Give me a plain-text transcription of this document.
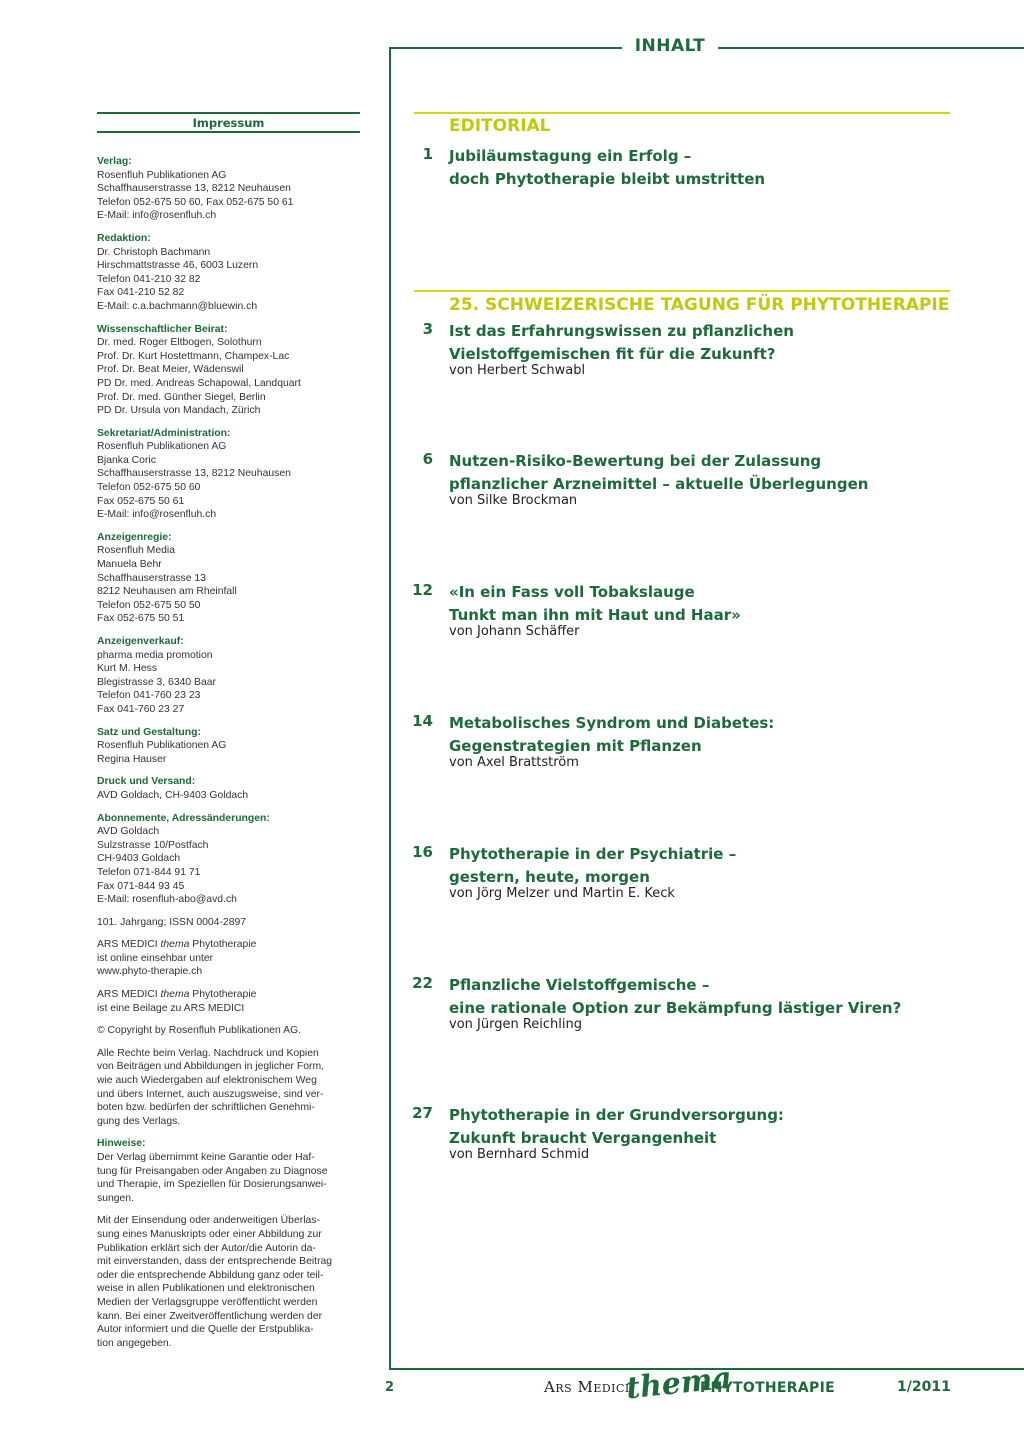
INHALT
Impressum
Verlag:
Rosenfluh Publikationen AG
Schaffhauserstrasse 13, 8212 Neuhausen
Telefon 052-675 50 60, Fax 052-675 50 61
E-Mail: info@rosenfluh.ch
Redaktion:
Dr. Christoph Bachmann
Hirschmattstrasse 46, 6003 Luzern
Telefon 041-210 32 82
Fax 041-210 52 82
E-Mail: c.a.bachmann@bluewin.ch
Wissenschaftlicher Beirat:
Dr. med. Roger Eltbogen, Solothurn
Prof. Dr. Kurt Hostettmann, Champex-Lac
Prof. Dr. Beat Meier, Wädenswil
PD Dr. med. Andreas Schapowal, Landquart
Prof. Dr. med. Günther Siegel, Berlin
PD Dr. Ursula von Mandach, Zürich
Sekretariat/Administration:
Rosenfluh Publikationen AG
Bjanka Coric
Schaffhauserstrasse 13, 8212 Neuhausen
Telefon 052-675 50 60
Fax 052-675 50 61
E-Mail: info@rosenfluh.ch
Anzeigenregie:
Rosenfluh Media
Manuela Behr
Schaffhauserstrasse 13
8212 Neuhausen am Rheinfall
Telefon 052-675 50 50
Fax 052-675 50 51
Anzeigenverkauf:
pharma media promotion
Kurt M. Hess
Blegistrasse 3, 6340 Baar
Telefon 041-760 23 23
Fax 041-760 23 27
Satz und Gestaltung:
Rosenfluh Publikationen AG
Regina Hauser
Druck und Versand:
AVD Goldach, CH-9403 Goldach
Abonnemente, Adressänderungen:
AVD Goldach
Sulzstrasse 10/Postfach
CH-9403 Goldach
Telefon 071-844 91 71
Fax 071-844 93 45
E-Mail: rosenfluh-abo@avd.ch
101. Jahrgang; ISSN 0004-2897
ARS MEDICI thema Phytotherapie
ist online einsehbar unter
www.phyto-therapie.ch
ARS MEDICI thema Phytotherapie
ist eine Beilage zu ARS MEDICI
© Copyright by Rosenfluh Publikationen AG.
Alle Rechte beim Verlag. Nachdruck und Kopien
von Beiträgen und Abbildungen in jeglicher Form,
wie auch Wiedergaben auf elektronischem Weg
und übers Internet, auch auszugsweise, sind ver-
boten bzw. bedürfen der schriftlichen Genehmi-
gung des Verlags.
Hinweise:
Der Verlag übernimmt keine Garantie oder Haf-
tung für Preisangaben oder Angaben zu Diagnose
und Therapie, im Speziellen für Dosierungsanwei-
sungen.
Mit der Einsendung oder anderweitigen Überlas-
sung eines Manuskripts oder einer Abbildung zur
Publikation erklärt sich der Autor/die Autorin da-
mit einverstanden, dass der entsprechende Beitrag
oder die entsprechende Abbildung ganz oder teil-
weise in allen Publikationen und elektronischen
Medien der Verlagsgruppe veröffentlicht werden
kann. Bei einer Zweitveröffentlichung werden der
Autor informiert und die Quelle der Erstpublika-
tion angegeben.
EDITORIAL
1 Jubiläumstagung ein Erfolg –
doch Phytotherapie bleibt umstritten
25. SCHWEIZERISCHE TAGUNG FÜR PHYTOTHERAPIE
3 Ist das Erfahrungswissen zu pflanzlichen
Vielstoffgemischen fit für die Zukunft?
von Herbert Schwabl
6 Nutzen-Risiko-Bewertung bei der Zulassung
pflanzlicher Arzneimittel – aktuelle Überlegungen
von Silke Brockman
12 «In ein Fass voll Tobakslauge
Tunkt man ihn mit Haut und Haar»
von Johann Schäffer
14 Metabolisches Syndrom und Diabetes:
Gegenstrategien mit Pflanzen
von Axel Brattström
16 Phytotherapie in der Psychiatrie –
gestern, heute, morgen
von Jörg Melzer und Martin E. Keck
22 Pflanzliche Vielstoffgemische –
eine rationale Option zur Bekämpfung lästiger Viren?
von Jürgen Reichling
27 Phytotherapie in der Grundversorgung:
Zukunft braucht Vergangenheit
von Bernhard Schmid
2	ARS MEDICI
thema
PHYTOTHERAPIE	1/2011
